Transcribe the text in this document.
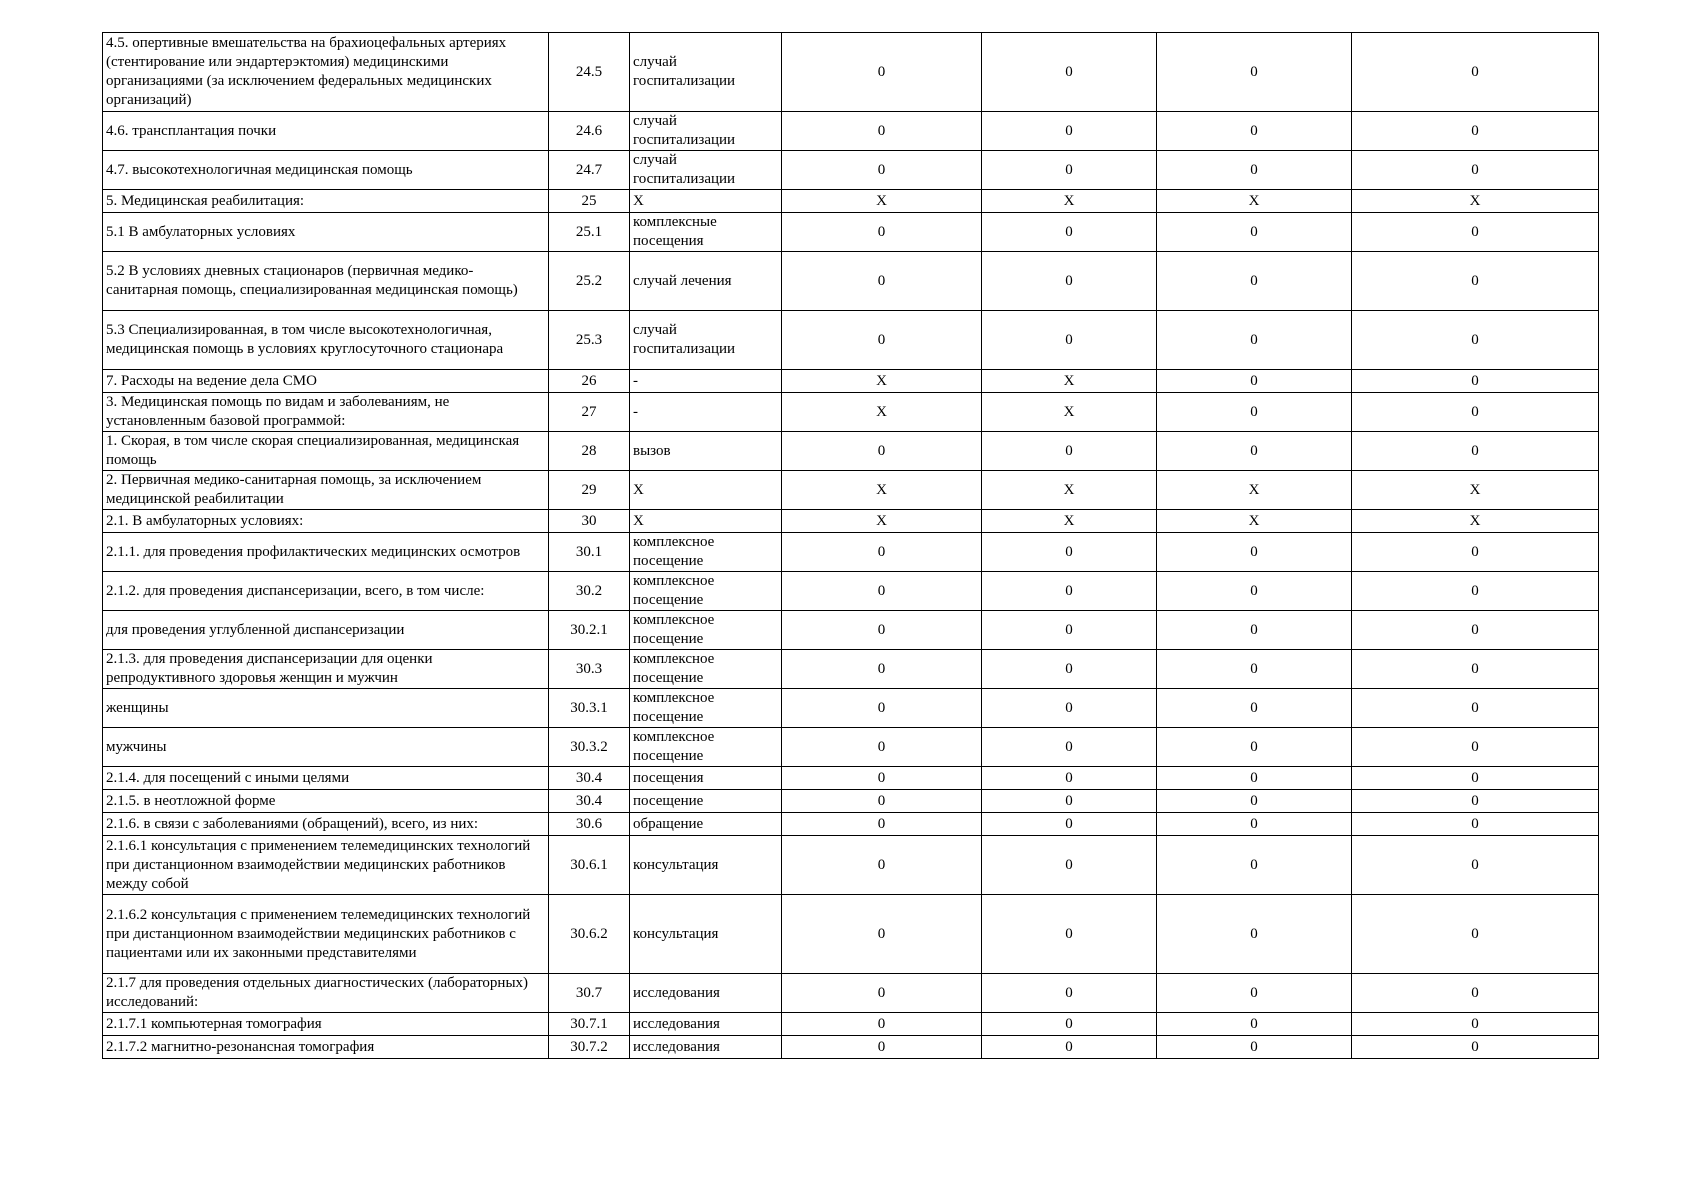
4.5. опертивные вмешательства на брахиоцефальных артериях (стентирование или эндартерэктомия) медицинскими организациями (за исключением федеральных медицинских организаций)	24.5	случай госпитализации	0	0	0	0
4.6. трансплантация почки	24.6	случай госпитализации	0	0	0	0
4.7. высокотехнологичная медицинская помощь	24.7	случай госпитализации	0	0	0	0
5. Медицинская реабилитация:	25	X	X	X	X	X
5.1 В амбулаторных условиях	25.1	комплексные посещения	0	0	0	0
5.2 В условиях дневных стационаров (первичная медико-санитарная помощь, специализированная медицинская помощь)	25.2	случай лечения	0	0	0	0
5.3 Специализированная, в том числе высокотехнологичная, медицинская помощь в условиях круглосуточного стационара	25.3	случай госпитализации	0	0	0	0
7. Расходы на ведение дела СМО	26	-	X	X	0	0
3. Медицинская помощь по видам и заболеваниям, не установленным базовой программой:	27	-	X	X	0	0
1. Скорая, в том числе скорая специализированная, медицинская помощь	28	вызов	0	0	0	0
2. Первичная медико-санитарная помощь, за исключением медицинской реабилитации	29	X	X	X	X	X
2.1. В амбулаторных условиях:	30	X	X	X	X	X
2.1.1. для проведения профилактических медицинских осмотров	30.1	комплексное посещение	0	0	0	0
2.1.2. для проведения диспансеризации, всего, в том числе:	30.2	комплексное посещение	0	0	0	0
для проведения углубленной диспансеризации	30.2.1	комплексное посещение	0	0	0	0
2.1.3. для проведения диспансеризации для оценки репродуктивного здоровья женщин и мужчин	30.3	комплексное посещение	0	0	0	0
женщины	30.3.1	комплексное посещение	0	0	0	0
мужчины	30.3.2	комплексное посещение	0	0	0	0
2.1.4. для посещений с иными целями	30.4	посещения	0	0	0	0
2.1.5. в неотложной форме	30.4	посещение	0	0	0	0
2.1.6. в связи с заболеваниями (обращений), всего, из них:	30.6	обращение	0	0	0	0
2.1.6.1 консультация с применением телемедицинских технологий при дистанционном взаимодействии медицинских работников между собой	30.6.1	консультация	0	0	0	0
2.1.6.2 консультация с применением телемедицинских технологий при дистанционном взаимодействии медицинских работников с пациентами или их законными представителями	30.6.2	консультация	0	0	0	0
2.1.7 для проведения отдельных диагностических (лабораторных) исследований:	30.7	исследования	0	0	0	0
2.1.7.1 компьютерная томография	30.7.1	исследования	0	0	0	0
2.1.7.2 магнитно-резонансная томография	30.7.2	исследования	0	0	0	0
